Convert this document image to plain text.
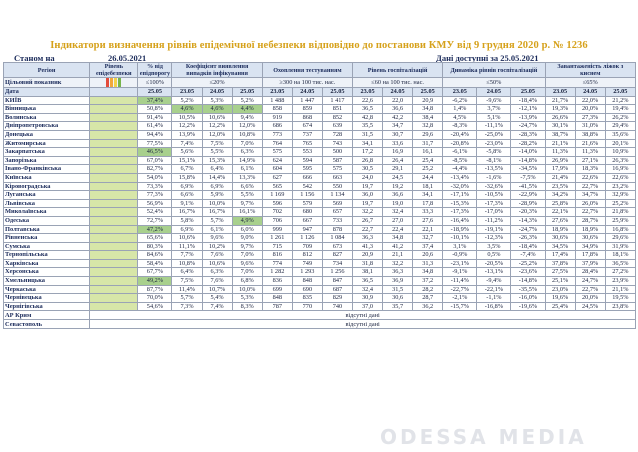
Індикатори визначення рівнів епідемічної небезпеки відповідно до постанови КМУ від 9 грудня 2020 р. № 1236
Станом на	26.05.2021	Дані доступні за 25.05.2021
Регіон	Рівень епідебезпеки	% від епідпорогу	Коефіцієнт виявлення випадків інфікування			Охоплення тестуванням			Рівень госпіталізацій			Динаміка рівнів госпіталізацій			Завантаженість ліжок з киснем		
Цільовий показник		≤100%	≤20%			≥300 на 100 тис. нас.			≤60 на 100 тис. нас.			≤50%			≤65%		
Дата		25.05	23.05	24.05	25.05	23.05	24.05	25.05	23.05	24.05	25.05	23.05	24.05	25.05	23.05	24.05	25.05
КИЇВ		37,4%	5,2%	5,3%	5,2%	1 488	1 447	1 417	22,6	22,0	20,9	-6,2%	-9,6%	-18,4%	21,7%	22,0%	21,2%
Вінницька		50,8%	4,6%	4,6%	4,4%	858	859	851	36,5	36,6	34,8	1,4%	3,7%	-12,1%	19,3%	20,0%	19,4%
Волинська		91,4%	10,5%	10,6%	9,4%	919	868	852	42,8	42,2	38,4	4,5%	5,1%	-13,9%	26,6%	27,3%	26,2%
Дніпропетровська		61,4%	12,2%	12,2%	12,0%	686	674	639	35,5	34,7	32,8	-8,3%	-11,1%	-24,7%	30,1%	31,0%	29,4%
Донецька		94,4%	13,9%	12,0%	10,8%	773	737	728	31,5	30,7	29,6	-20,4%	-25,0%	-28,3%	38,7%	38,8%	35,6%
Житомирська		77,5%	7,4%	7,5%	7,0%	764	765	743	34,1	33,6	31,7	-20,8%	-23,0%	-28,2%	21,1%	21,6%	20,1%
Закарпатська		46,5%	5,6%	5,5%	6,3%	575	553	500	17,2	16,9	16,1	-6,1%	-5,8%	-14,0%	11,3%	11,3%	10,9%
Запорізька		67,0%	15,1%	15,3%	14,9%	624	594	587	26,8	26,4	25,4	-8,5%	-8,1%	-14,8%	26,9%	27,1%	26,3%
Івано-Франківська		82,7%	6,7%	6,4%	6,1%	604	595	575	30,5	29,1	25,2	-4,4%	-13,5%	-34,5%	17,9%	18,3%	16,9%
Київська		54,0%	15,8%	14,4%	13,3%	627	666	663	24,0	24,5	24,4	-13,4%	-1,6%	-7,5%	21,4%	22,6%	22,6%
Кіровоградська		73,3%	6,9%	6,9%	6,6%	565	542	550	19,7	19,2	18,1	-32,0%	-32,6%	-41,5%	23,5%	22,7%	23,2%
Луганська		77,3%	6,6%	5,9%	5,5%	1 169	1 156	1 134	36,0	36,6	34,1	-17,1%	-10,5%	-22,9%	34,2%	34,7%	32,9%
Львівська		56,9%	9,1%	10,0%	9,7%	596	579	569	19,7	19,0	17,8	-15,3%	-17,3%	-28,9%	25,8%	26,0%	25,2%
Миколаївська		52,4%	16,7%	16,7%	16,1%	702	680	657	32,2	32,4	33,3	-17,3%	-17,0%	-20,3%	22,1%	22,7%	21,8%
Одеська		72,7%	5,8%	5,7%	4,9%	706	667	733	26,7	27,0	27,6	-16,4%	-11,2%	-14,3%	27,6%	28,7%	25,9%
Полтавська		47,2%	6,9%	6,1%	6,0%	999	947	878	22,7	22,4	22,1	-18,9%	-19,1%	-24,7%	18,9%	18,9%	16,8%
Рівненська		65,6%	10,6%	9,6%	9,0%	1 261	1 126	1 084	36,3	34,8	32,7	-10,1%	-12,3%	-26,3%	30,6%	30,6%	29,6%
Сумська		80,3%	11,1%	10,2%	9,7%	715	709	673	41,3	41,2	37,4	3,1%	3,5%	-18,4%	34,5%	34,9%	31,9%
Тернопільська		84,6%	7,7%	7,6%	7,0%	816	812	827	20,9	21,1	20,6	-0,9%	0,5%	-7,4%	17,4%	17,8%	18,1%
Харківська		58,4%	10,8%	10,6%	9,6%	774	749	734	31,8	32,2	31,3	-23,1%	-20,5%	-25,2%	37,8%	37,9%	36,5%
Херсонська		67,7%	6,4%	6,3%	7,0%	1 282	1 293	1 256	38,1	36,3	34,8	-9,1%	-13,1%	-23,6%	27,5%	28,4%	27,2%
Хмельницька		49,2%	7,5%	7,6%	6,8%	836	848	847	36,5	36,9	37,2	-11,4%	-9,4%	-14,8%	25,1%	24,7%	23,9%
Черкаська		87,7%	11,4%	10,7%	10,0%	699	690	687	32,4	31,5	28,2	-22,7%	-22,1%	-35,5%	23,0%	22,7%	21,1%
Чернівецька		70,0%	5,7%	5,4%	5,3%	848	835	829	30,9	30,6	28,7	-2,1%	-1,1%	-16,0%	19,6%	20,0%	19,5%
Чернігівська		54,6%	7,3%	7,4%	8,3%	787	770	740	37,0	35,7	36,2	-15,7%	-16,8%	-19,6%	25,4%	24,5%	23,8%
АР Крим	відсутні дані																
Севастополь	відсутні дані																
ODESSA MEDIA
